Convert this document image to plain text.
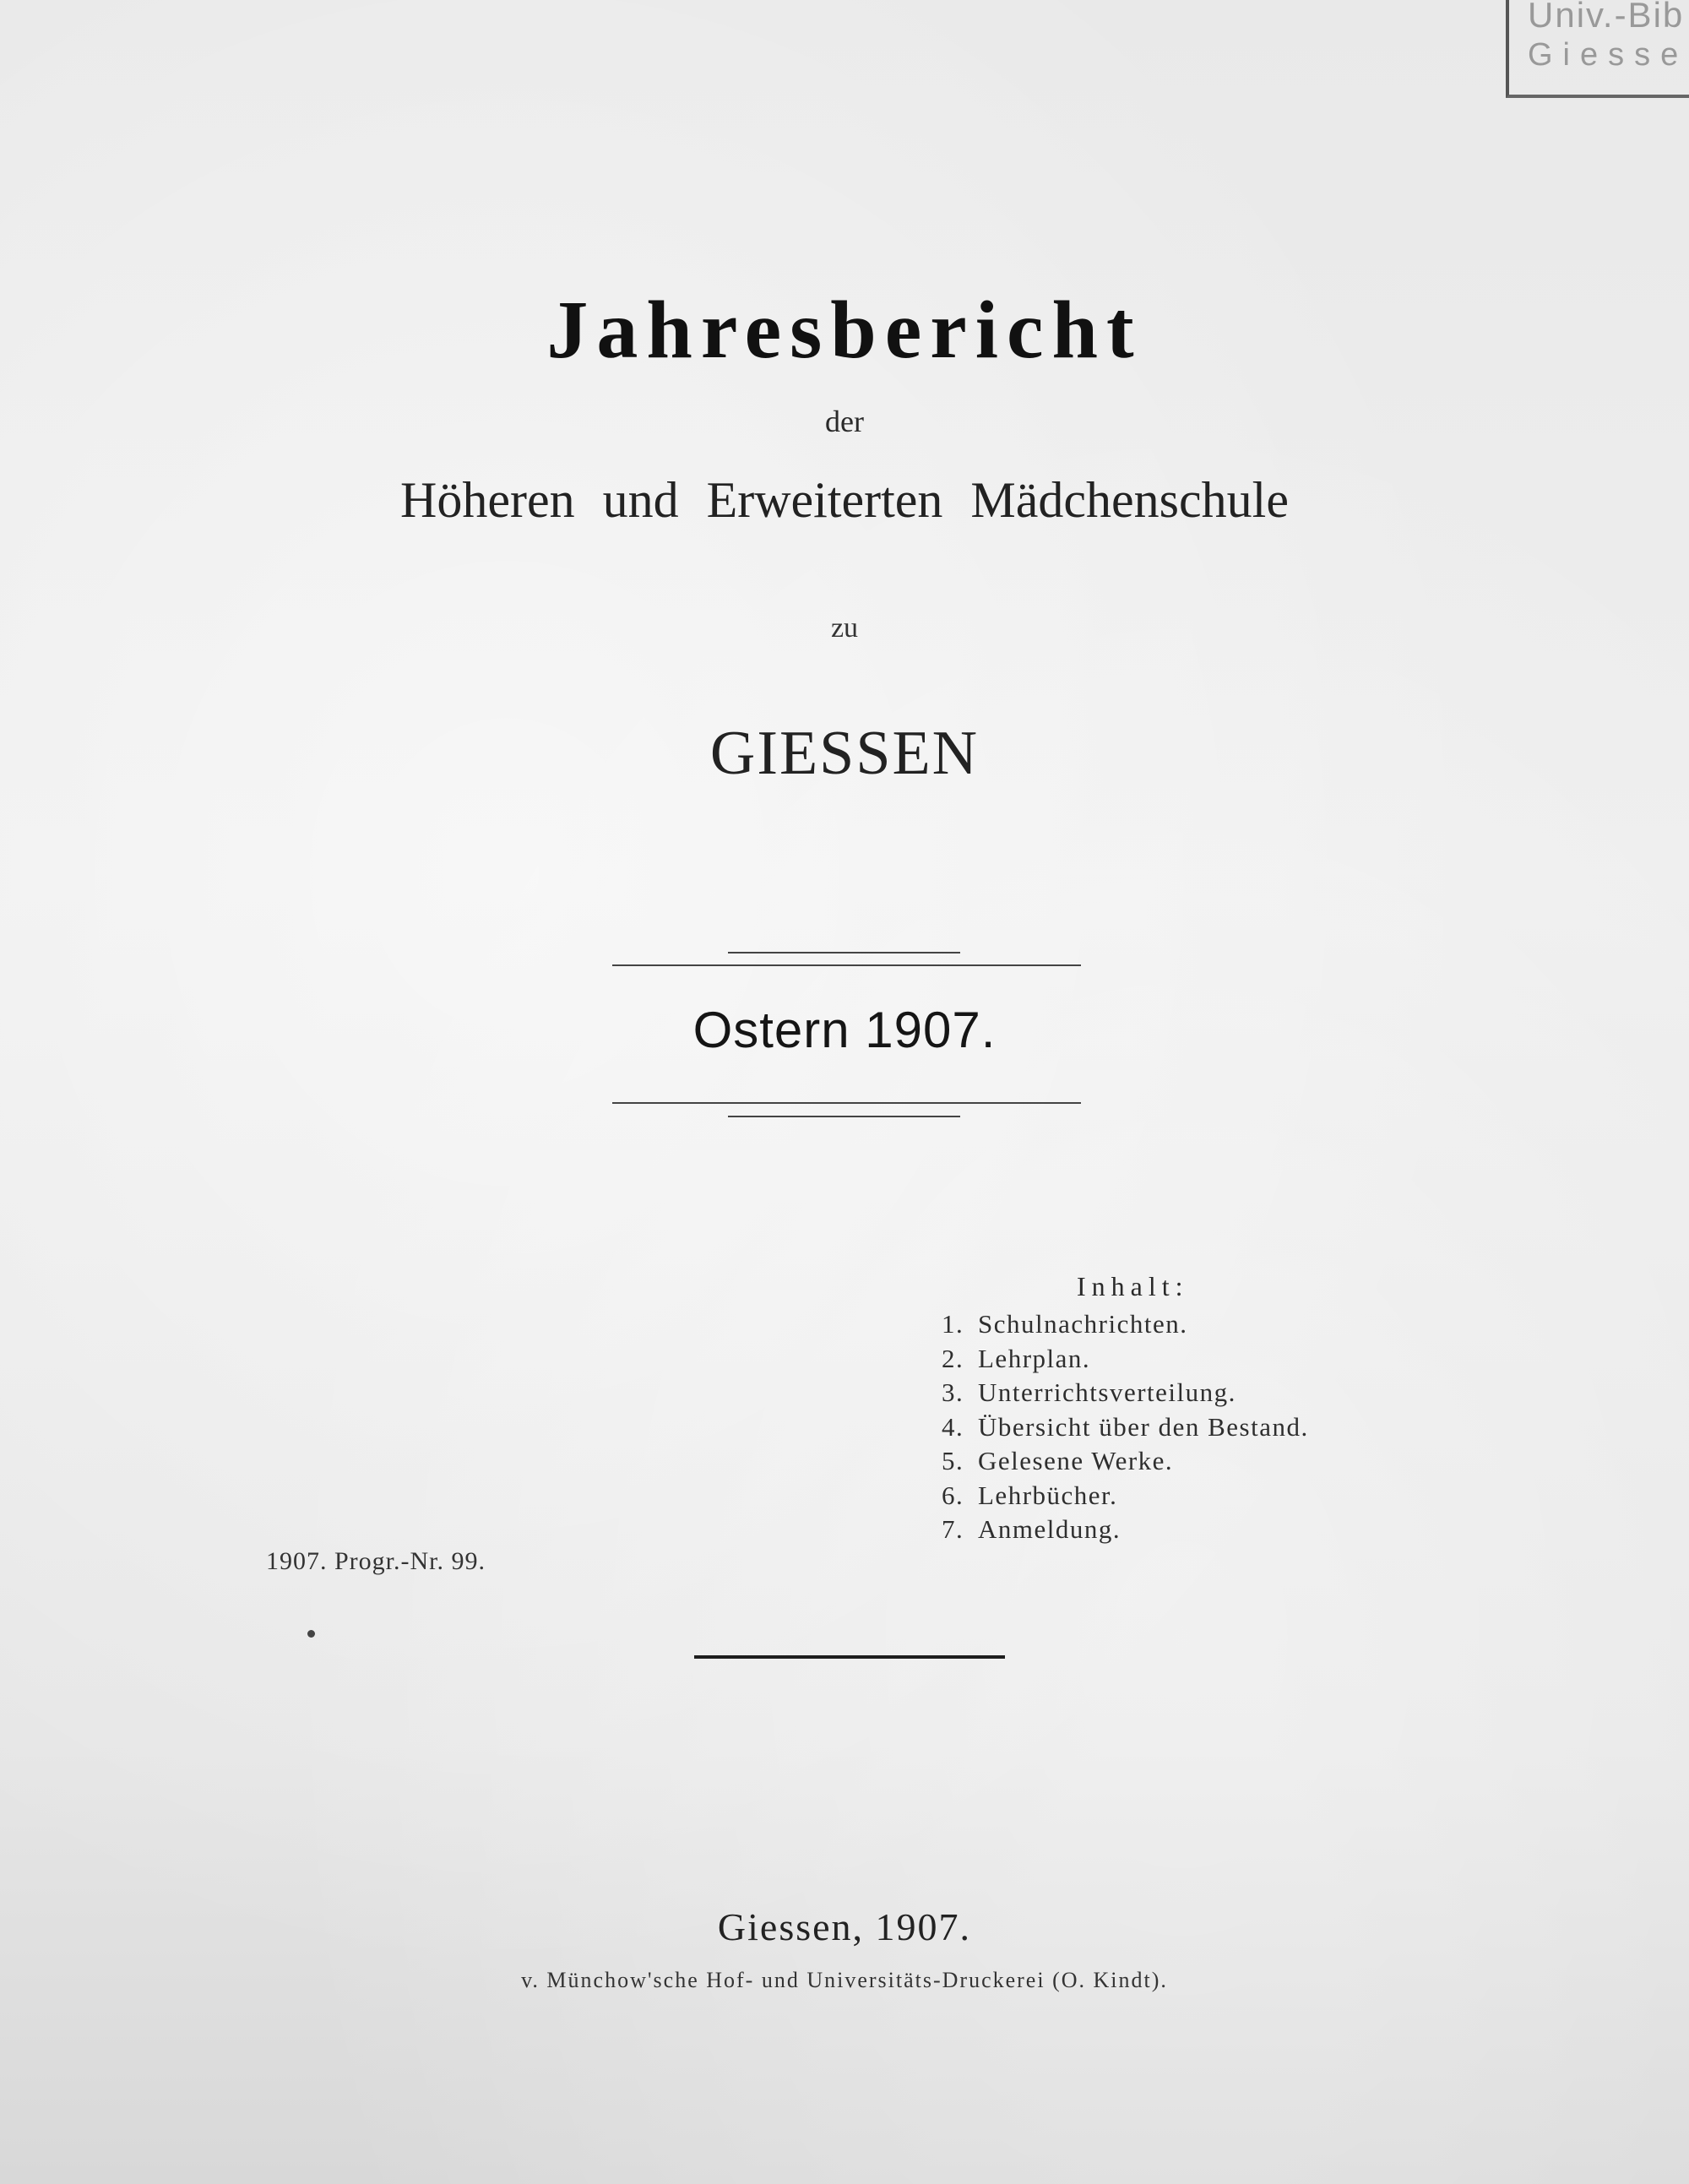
Univ.-Bib
Giesse
Jahresbericht
der
Höheren und Erweiterten Mädchenschule
zu
GIESSEN
Ostern 1907.
Inhalt:
1. Schulnachrichten.
2. Lehrplan.
3. Unterrichtsverteilung.
4. Übersicht über den Bestand.
5. Gelesene Werke.
6. Lehrbücher.
7. Anmeldung.
1907. Progr.-Nr. 99.
Giessen, 1907.
v. Münchow'sche Hof- und Universitäts-Druckerei (O. Kindt).
